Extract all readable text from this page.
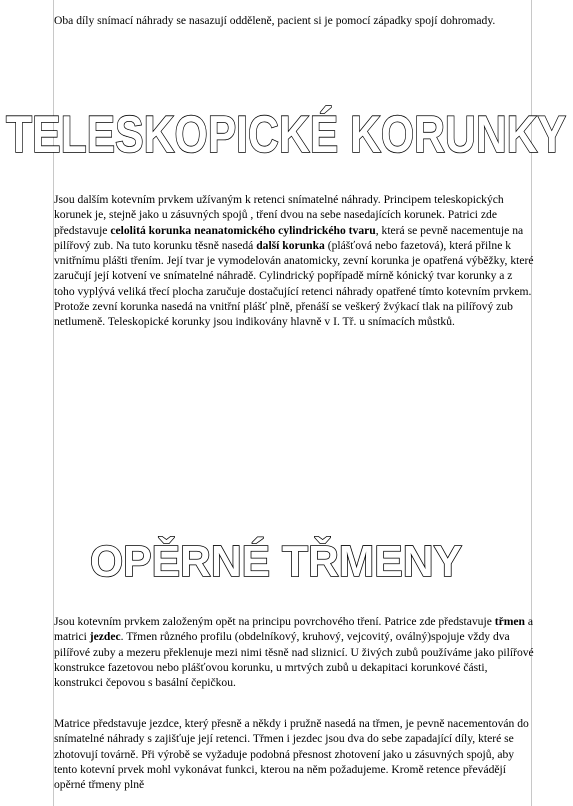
Oba díly snímací náhrady se nasazují odděleně, pacient si je pomocí západky spojí dohromady.

TELESKOPICKÉ KORUNKY

Jsou dalším kotevním prvkem užívaným k retenci snímatelné náhrady. Principem teleskopických korunek je, stejně jako u zásuvných spojů , tření dvou na sebe nasedajících korunek. Patrici zde představuje celolitá korunka neanatomického cylindrického tvaru, která se pevně nacementuje na pilířový zub. Na tuto korunku těsně nasedá další korunka (plášťová nebo fazetová), která přilne k vnitřnímu plášti třením. Její tvar je vymodelován anatomicky, zevní korunka je opatřená výběžky, které zaručují její kotvení ve snímatelné náhradě. Cylindrický popřípadě mírně kónický tvar korunky a z toho vyplývá veliká třecí plocha zaručuje dostačující retenci náhrady opatřené tímto kotevním prvkem. Protože zevní korunka nasedá na vnitřní plášť plně, přenáší se veškerý žvýkací tlak na pilířový zub netlumeně. Teleskopické korunky jsou indikovány hlavně v I. Tř. u snímacích můstků.

OPĚRNÉ TŘMENY

Jsou kotevním prvkem založeným opět na principu povrchového tření. Patrice zde představuje třmen a matrici jezdec. Třmen různého profilu (obdelníkový, kruhový, vejcovitý, oválný)spojuje vždy dva pilířové zuby a mezeru překlenuje mezi nimi těsně nad sliznicí. U živých zubů používáme jako pilířové konstrukce fazetovou nebo plášťovou korunku, u mrtvých zubů u dekapitaci korunkové části, konstrukci čepovou s basální čepičkou.

Matrice představuje jezdce, který přesně a někdy i pružně nasedá na třmen, je pevně nacementován do snímatelné náhrady s zajišťuje její retenci. Třmen i jezdec jsou dva do sebe zapadající díly, které se zhotovují továrně. Při výrobě se vyžaduje podobná přesnost zhotovení jako u zásuvných spojů, aby tento kotevní prvek mohl vykonávat funkci, kterou na něm požadujeme. Kromě retence převádějí opěrné třmeny plně
